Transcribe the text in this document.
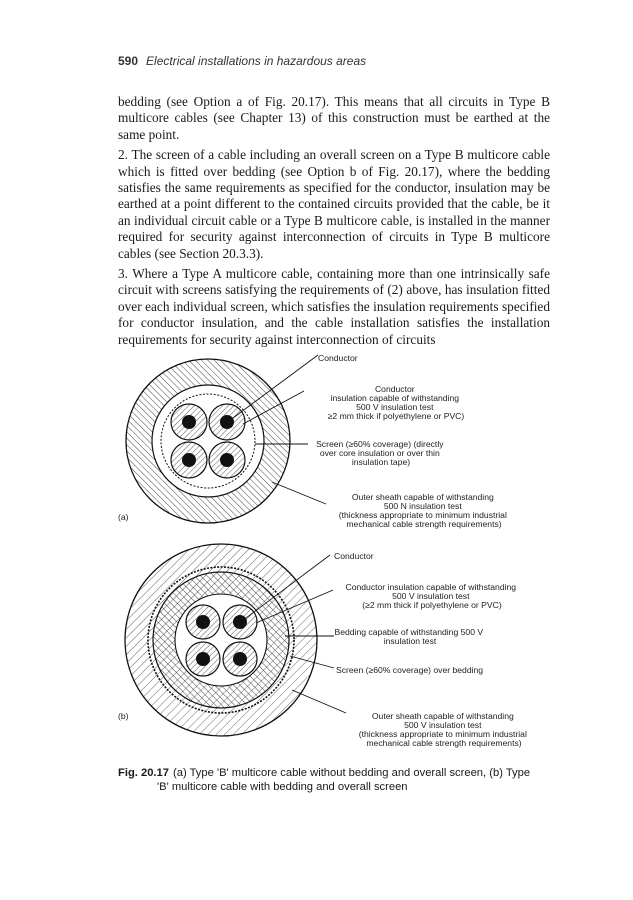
590 Electrical installations in hazardous areas

bedding (see Option a of Fig. 20.17). This means that all circuits in Type B multicore cables (see Chapter 13) of this construction must be earthed at the same point.

2. The screen of a cable including an overall screen on a Type B multicore cable which is fitted over bedding (see Option b of Fig. 20.17), where the bedding satisfies the same requirements as specified for the conductor, insulation may be earthed at a point different to the contained circuits provided that the cable, be it an individual circuit cable or a Type B multicore cable, is installed in the manner required for security against interconnection of circuits in Type B multicore cables (see Section 20.3.3).

3. Where a Type A multicore cable, containing more than one intrinsically safe circuit with screens satisfying the requirements of (2) above, has insulation fitted over each individual screen, which satisfies the insulation requirements specified for conductor insulation, and the cable installation satisfies the installation requirements for security against interconnection of circuits

Conductor
Conductor insulation capable of withstanding 500 V insulation test ≥2 mm thick if polyethylene or PVC)
Screen (≥60% coverage) (directly over core insulation or over thin insulation tape)
Outer sheath capable of withstanding 500 N insulation test (thickness appropriate to minimum industrial mechanical cable strength requirements)
(a)
Conductor
Conductor insulation capable of withstanding 500 V insulation test (≥2 mm thick if polyethylene or PVC)
Bedding capable of withstanding 500 V insulation test
Screen (≥60% coverage) over bedding
Outer sheath capable of withstanding 500 V insulation test (thickness appropriate to minimum industrial mechanical cable strength requirements)
(b)
Fig. 20.17 (a) Type 'B' multicore cable without bedding and overall screen, (b) Type
'B' multicore cable with bedding and overall screen
